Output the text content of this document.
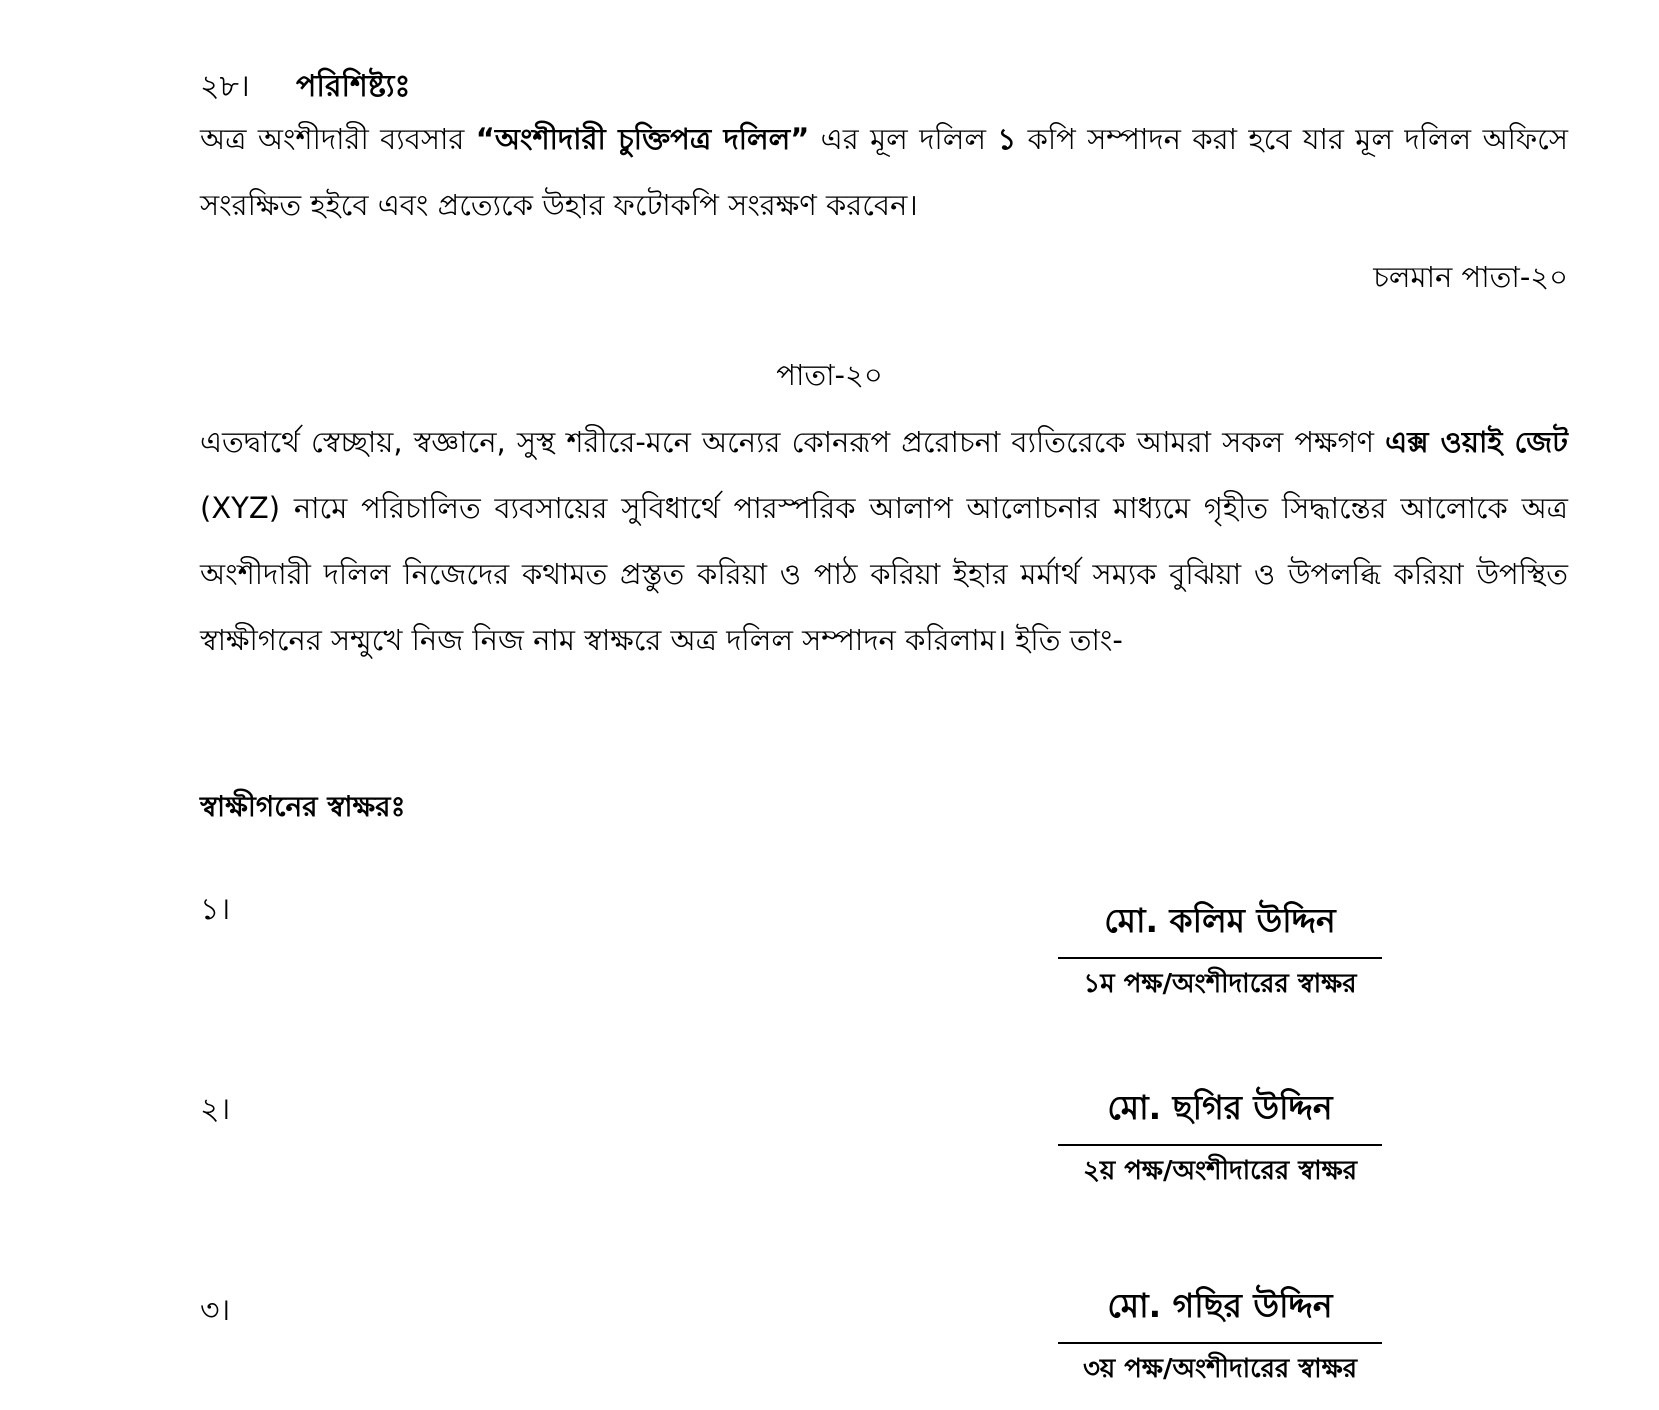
২৮। পরিশিষ্ট্যঃ
অত্র অংশীদারী ব্যবসার “অংশীদারী চুক্তিপত্র দলিল” এর মূল দলিল ১ কপি সম্পাদন করা হবে যার মূল দলিল অফিসে সংরক্ষিত হইবে এবং প্রত্যেকে উহার ফটোকপি সংরক্ষণ করবেন।
চলমান পাতা-২০
পাতা-২০
এতদ্বার্থে স্বেচ্ছায়, স্বজ্ঞানে, সুস্থ শরীরে-মনে অন্যের কোনরূপ প্ররোচনা ব্যতিরেকে আমরা সকল পক্ষগণ এক্স ওয়াই জেট (XYZ) নামে পরিচালিত ব্যবসায়ের সুবিধার্থে পারস্পরিক আলাপ আলোচনার মাধ্যমে গৃহীত সিদ্ধান্তের আলোকে অত্র অংশীদারী দলিল নিজেদের কথামত প্রস্তুত করিয়া ও পাঠ করিয়া ইহার মর্মার্থ সম্যক বুঝিয়া ও উপলব্ধি করিয়া উপস্থিত স্বাক্ষীগনের সম্মুখে নিজ নিজ নাম স্বাক্ষরে অত্র দলিল সম্পাদন করিলাম। ইতি তাং-
স্বাক্ষীগনের স্বাক্ষরঃ
১।	মো. কলিম উদ্দিন
১ম পক্ষ/অংশীদারের স্বাক্ষর
২।	মো. ছগির উদ্দিন
২য় পক্ষ/অংশীদারের স্বাক্ষর
৩।	মো. গছির উদ্দিন
৩য় পক্ষ/অংশীদারের স্বাক্ষর
